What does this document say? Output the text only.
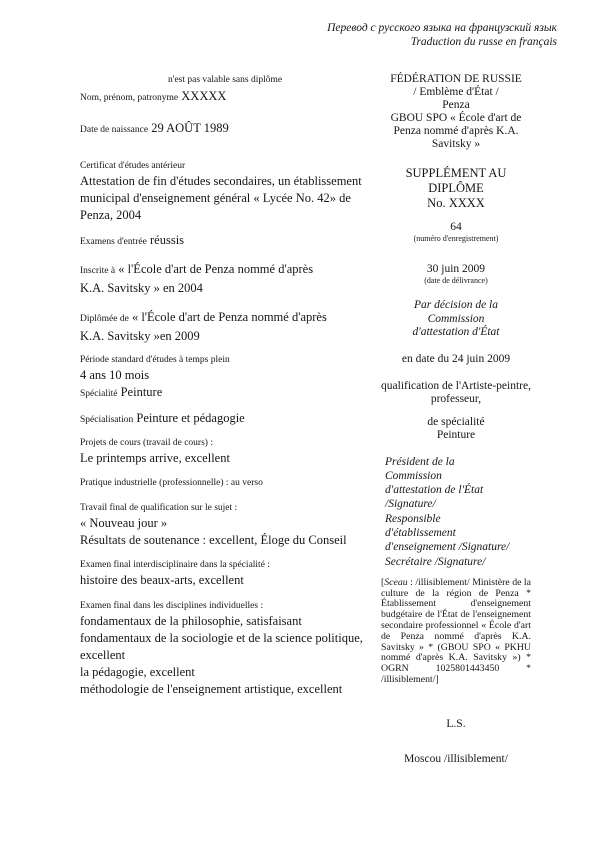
Перевод с русского языка на французский язык
Traduction du russe en français
n'est pas valable sans diplôme
Nom, prénom, patronyme XXXXX
Date de naissance 29 AOÛT 1989
Certificat d'études antérieur
Attestation de fin d'études secondaires, un établissement
municipal d'enseignement général « Lycée No. 42» de
Penza, 2004
Examens d'entrée réussis
Inscrite à « l'École d'art de Penza nommé d'après
K.A. Savitsky » en 2004
Diplômée de « l'École d'art de Penza nommé d'après
K.A. Savitsky »en 2009
Période standard d'études à temps plein
4 ans 10 mois
Spécialité Peinture
Spécialisation Peinture et pédagogie
Projets de cours (travail de cours) :
Le printemps arrive, excellent
Pratique industrielle (professionnelle) : au verso
Travail final de qualification sur le sujet :
« Nouveau jour »
Résultats de soutenance : excellent, Éloge du Conseil
Examen final interdisciplinaire dans la spécialité :
histoire des beaux-arts, excellent
Examen final dans les disciplines individuelles :
fondamentaux de la philosophie, satisfaisant
fondamentaux de la sociologie et de la science politique,
excellent
la pédagogie, excellent
méthodologie de l'enseignement artistique, excellent
FÉDÉRATION DE RUSSIE
/ Emblème d'État /
Penza
GBOU SPO « École d'art de Penza nommé d'après K.A. Savitsky »
SUPPLÉMENT AU DIPLÔME
No. XXXX
64
(numéro d'enregistrement)
30 juin 2009
(date de délivrance)
Par décision de la Commission d'attestation d'État
en date du 24 juin 2009
qualification de l'Artiste-peintre, professeur,
de spécialité
Peinture
Président de la
Commission
d'attestation de l'État
/Signature/
Responsible
d'établissement
d'enseignement /Signature/
Secrétaire /Signature/
[Sceau : /illisiblement/ Ministère de la culture de la région de Penza * Établissement d'enseignement budgétaire de l'État de l'enseignement secondaire professionnel « École d'art de Penza nommé d'après K.A. Savitsky » * (GBOU SPO « PKHU nommé d'après K.A. Savitsky ») * OGRN 1025801443450 * /illisiblement/]
L.S.
Moscou /illisiblement/
